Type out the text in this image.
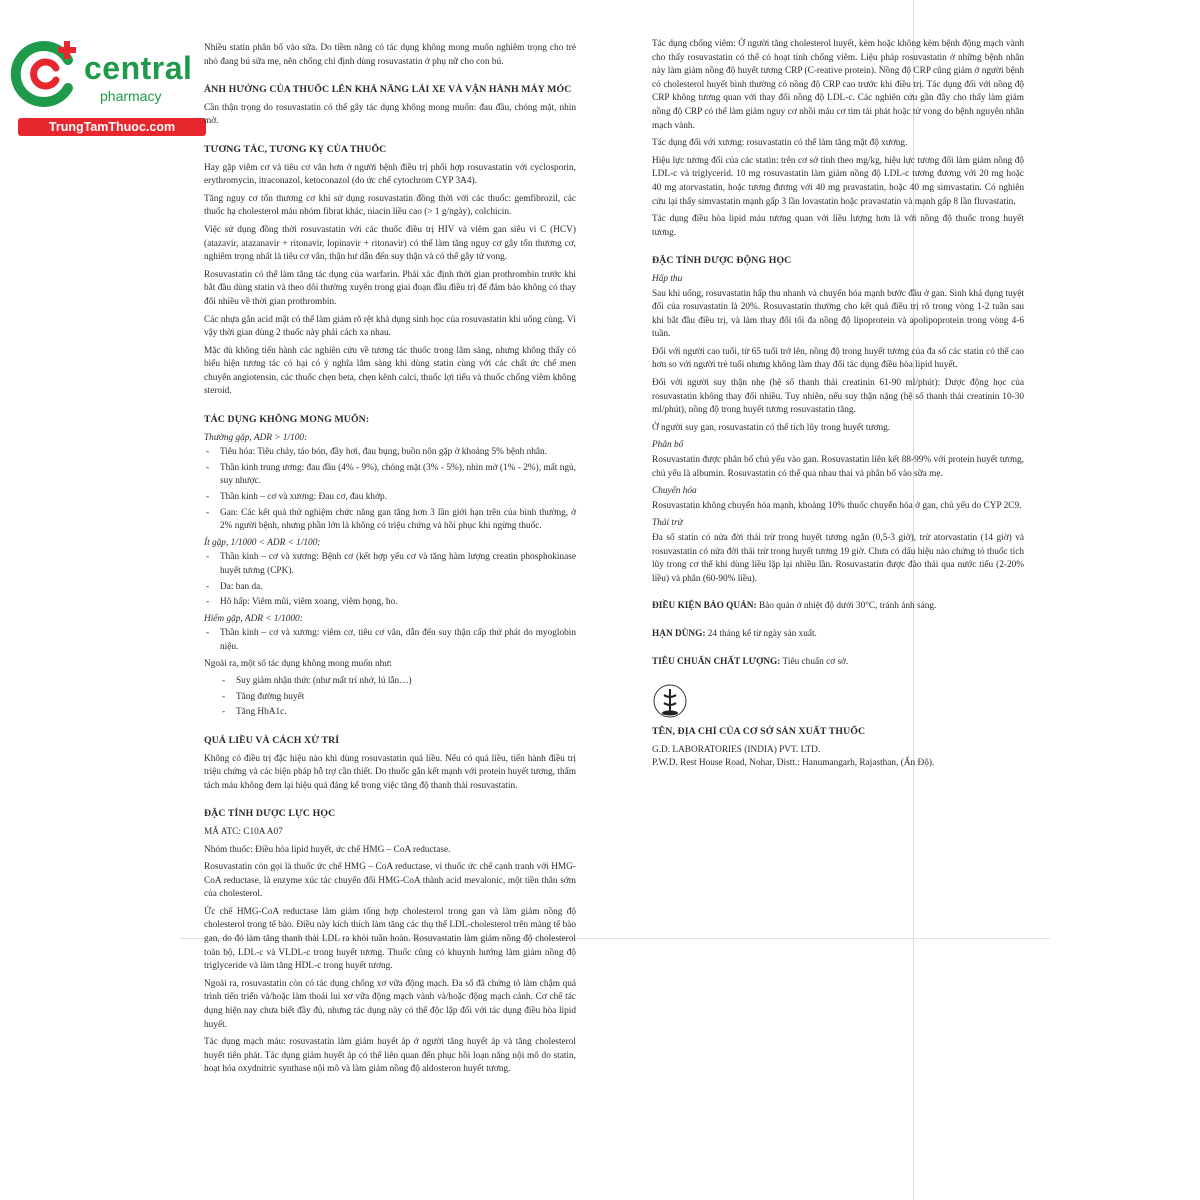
central
pharmacy
TrungTamThuoc.com

Nhiều statin phân bố vào sữa. Do tiềm năng có tác dụng không mong muốn nghiêm trọng cho trẻ nhỏ đang bú sữa mẹ, nên chống chỉ định dùng rosuvastatin ở phụ nữ cho con bú.

ẢNH HƯỞNG CỦA THUỐC LÊN KHẢ NĂNG LÁI XE VÀ VẬN HÀNH MÁY MÓC

Cần thận trọng do rosuvastatin có thể gây tác dụng không mong muốn: đau đầu, chóng mặt, nhìn mờ.

TƯƠNG TÁC, TƯƠNG KỴ CỦA THUỐC

Hay gặp viêm cơ và tiêu cơ vân hơn ở người bệnh điều trị phối hợp rosuvastatin với cyclosporin, erythromycin, itraconazol, ketoconazol (do ức chế cytochrom CYP 3A4).

Tăng nguy cơ tổn thương cơ khi sử dụng rosuvastatin đồng thời với các thuốc: gemfibrozil, các thuốc hạ cholesterol máu nhóm fibrat khác, niacin liều cao (> 1 g/ngày), colchicin.

Việc sử dụng đồng thời rosuvastatin với các thuốc điều trị HIV và viêm gan siêu vi C (HCV) (atazavir, atazanavir + ritonavir, lopinavir + ritonavir) có thể làm tăng nguy cơ gây tổn thương cơ, nghiêm trọng nhất là tiêu cơ vân, thận hư dẫn đến suy thận và có thể gây tử vong.

Rosuvastatin có thể làm tăng tác dụng của warfarin. Phải xác định thời gian prothrombin trước khi bắt đầu dùng statin và theo dõi thường xuyên trong giai đoạn đầu điều trị để đảm bảo không có thay đổi nhiều về thời gian prothrombin.

Các nhựa gắn acid mật có thể làm giảm rõ rệt khả dụng sinh học của rosuvastatin khi uống cùng. Vì vậy thời gian dùng 2 thuốc này phải cách xa nhau.

Mặc dù không tiến hành các nghiên cứu về tương tác thuốc trong lâm sàng, nhưng không thấy có biểu hiện tương tác có hại có ý nghĩa lâm sàng khi dùng statin cùng với các chất ức chế men chuyển angiotensin, các thuốc chẹn beta, chẹn kênh calci, thuốc lợi tiểu và thuốc chống viêm không steroid.

TÁC DỤNG KHÔNG MONG MUỐN:
Thường gặp, ADR > 1/100:
- Tiêu hóa: Tiêu chảy, táo bón, đầy hơi, đau bụng, buồn nôn gặp ở khoảng 5% bệnh nhân.
- Thần kinh trung ương: đau đầu (4% - 9%), chóng mặt (3% - 5%), nhìn mờ (1% - 2%), mất ngủ, suy nhược.
- Thần kinh – cơ và xương: Đau cơ, đau khớp.
- Gan: Các kết quả thử nghiệm chức năng gan tăng hơn 3 lần giới hạn trên của bình thường, ở 2% người bệnh, nhưng phần lớn là không có triệu chứng và hồi phục khi ngừng thuốc.
Ít gặp, 1/1000 < ADR < 1/100:
- Thần kinh – cơ và xương: Bệnh cơ (kết hợp yếu cơ và tăng hàm lượng creatin phosphokinase huyết tương (CPK).
- Da: ban da.
- Hô hấp: Viêm mũi, viêm xoang, viêm họng, ho.
Hiếm gặp, ADR < 1/1000:
- Thần kinh – cơ và xương: viêm cơ, tiêu cơ vân, dẫn đến suy thận cấp thứ phát do myoglobin niệu.

Ngoài ra, một số tác dụng không mong muốn như:

- Suy giảm nhận thức (như mất trí nhớ, lú lẫn…)
- Tăng đường huyết
- Tăng HbA1c.
QUÁ LIỀU VÀ CÁCH XỬ TRÍ

Không có điều trị đặc hiệu nào khi dùng rosuvastatin quá liều. Nếu có quá liều, tiến hành điều trị triệu chứng và các biện pháp hỗ trợ cần thiết. Do thuốc gắn kết mạnh với protein huyết tương, thẩm tách máu không đem lại hiệu quả đáng kể trong việc tăng độ thanh thải rosuvastatin.

ĐẶC TÍNH DƯỢC LỰC HỌC

MÃ ATC: C10A A07

Nhóm thuốc: Điều hòa lipid huyết, ức chế HMG – CoA reductase.

Rosuvastatin còn gọi là thuốc ức chế HMG – CoA reductase, vì thuốc ức chế cạnh tranh với HMG-CoA reductase, là enzyme xúc tác chuyển đổi HMG-CoA thành acid mevalonic, một tiền thân sớm của cholesterol.

Ức chế HMG-CoA reductase làm giảm tổng hợp cholesterol trong gan và làm giảm nồng độ cholesterol trong tế bào. Điều này kích thích làm tăng các thụ thể LDL-cholesterol trên màng tế bào gan, do đó làm tăng thanh thải LDL ra khỏi tuần hoàn. Rosuvastatin làm giảm nồng độ cholesterol toàn bộ, LDL-c và VLDL-c trong huyết tương. Thuốc cũng có khuynh hướng làm giảm nồng độ triglyceride và làm tăng HDL-c trong huyết tương.

Ngoài ra, rosuvastatin còn có tác dụng chống xơ vữa động mạch. Đa số đã chứng tỏ làm chậm quá trình tiến triển và/hoặc làm thoái lui xơ vữa động mạch vành và/hoặc động mạch cảnh. Cơ chế tác dụng hiện nay chưa biết đầy đủ, nhưng tác dụng này có thể độc lập đối với tác dụng điều hòa lipid huyết.

Tác dụng mạch máu: rosuvastatin làm giảm huyết áp ở người tăng huyết áp và tăng cholesterol huyết tiên phát. Tác dụng giảm huyết áp có thể liên quan đến phục hồi loạn năng nội mô do statin, hoạt hóa oxydnitric synthase nội mô và làm giảm nồng độ aldosteron huyết tương.

Tác dụng chống viêm: Ở người tăng cholesterol huyết, kèm hoặc không kèm bệnh động mạch vành cho thấy rosuvastatin có thể có hoạt tính chống viêm. Liệu pháp rosuvastatin ở những bệnh nhân này làm giảm nồng độ huyết tương CRP (C-reative protein). Nồng độ CRP cũng giảm ở người bệnh có cholesterol huyết bình thường có nồng độ CRP cao trước khi điều trị. Tác dụng đối với nồng độ CRP không tương quan với thay đổi nồng độ LDL-c. Các nghiên cứu gần đây cho thấy làm giảm nồng độ CRP có thể làm giảm nguy cơ nhồi máu cơ tim tái phát hoặc tử vong do bệnh nguyên nhân mạch vành.

Tác dụng đối với xương: rosuvastatin có thể làm tăng mật độ xương.

Hiệu lực tương đối của các statin: trên cơ sở tính theo mg/kg, hiệu lực tương đối làm giảm nồng độ LDL-c và triglycerid. 10 mg rosuvastatin làm giảm nồng độ LDL-c tương đương với 20 mg hoặc 40 mg atorvastatin, hoặc tương đương với 40 mg pravastatin, hoặc 40 mg simvastatin. Có nghiên cứu lại thấy simvastatin mạnh gấp 3 lần lovastatin hoặc pravastatin và mạnh gấp 8 lần fluvastatin.

Tác dụng điều hòa lipid máu tương quan với liều lượng hơn là với nồng độ thuốc trong huyết tương.

ĐẶC TÍNH DƯỢC ĐỘNG HỌC
Hấp thu

Sau khi uống, rosuvastatin hấp thu nhanh và chuyển hóa mạnh bước đầu ở gan. Sinh khả dụng tuyệt đối của rosuvastatin là 20%. Rosuvastatin thường cho kết quả điều trị rõ trong vòng 1-2 tuần sau khi bắt đầu điều trị, và làm thay đổi tối đa nồng độ lipoprotein và apolipoprotein trong vòng 4-6 tuần.

Đối với người cao tuổi, từ 65 tuổi trở lên, nồng độ trong huyết tương của đa số các statin có thể cao hơn so với người trẻ tuổi nhưng không làm thay đổi tác dụng điều hòa lipid huyết.

Đối với người suy thận nhẹ (hệ số thanh thải creatinin 61-90 ml/phút): Dược động học của rosuvastatin không thay đổi nhiều. Tuy nhiên, nếu suy thận nặng (hệ số thanh thải creatinin 10-30 ml/phút), nồng độ trong huyết tương rosuvastatin tăng.

Ở người suy gan, rosuvastatin có thể tích lũy trong huyết tương.

Phân bố

Rosuvastatin được phân bố chủ yếu vào gan. Rosuvastatin liên kết 88-99% với protein huyết tương, chủ yếu là albumin. Rosuvastatin có thể qua nhau thai và phân bố vào sữa mẹ.

Chuyển hóa

Rosuvastatin không chuyển hóa mạnh, khoảng 10% thuốc chuyển hóa ở gan, chủ yếu do CYP 2C9.

Thải trừ

Đa số statin có nửa đời thải trừ trong huyết tương ngắn (0,5-3 giờ), trừ atorvastatin (14 giờ) và rosuvastatin có nửa đời thải trừ trong huyết tương 19 giờ. Chưa có dấu hiệu nào chứng tỏ thuốc tích lũy trong cơ thể khi dùng liều lặp lại nhiều lần. Rosuvastatin được đào thải qua nước tiểu (2-20% liều) và phân (60-90% liều).

ĐIỀU KIỆN BẢO QUẢN: Bảo quản ở nhiệt độ dưới 30°C, tránh ánh sáng.

HẠN DÙNG: 24 tháng kể từ ngày sản xuất.

TIÊU CHUẨN CHẤT LƯỢNG: Tiêu chuẩn cơ sở.

TÊN, ĐỊA CHỈ CỦA CƠ SỞ SẢN XUẤT THUỐC

G.D. LABORATORIES (INDIA) PVT. LTD.

P.W.D. Rest House Road, Nohar, Distt.: Hanumangarh, Rajasthan, (Ấn Độ).
